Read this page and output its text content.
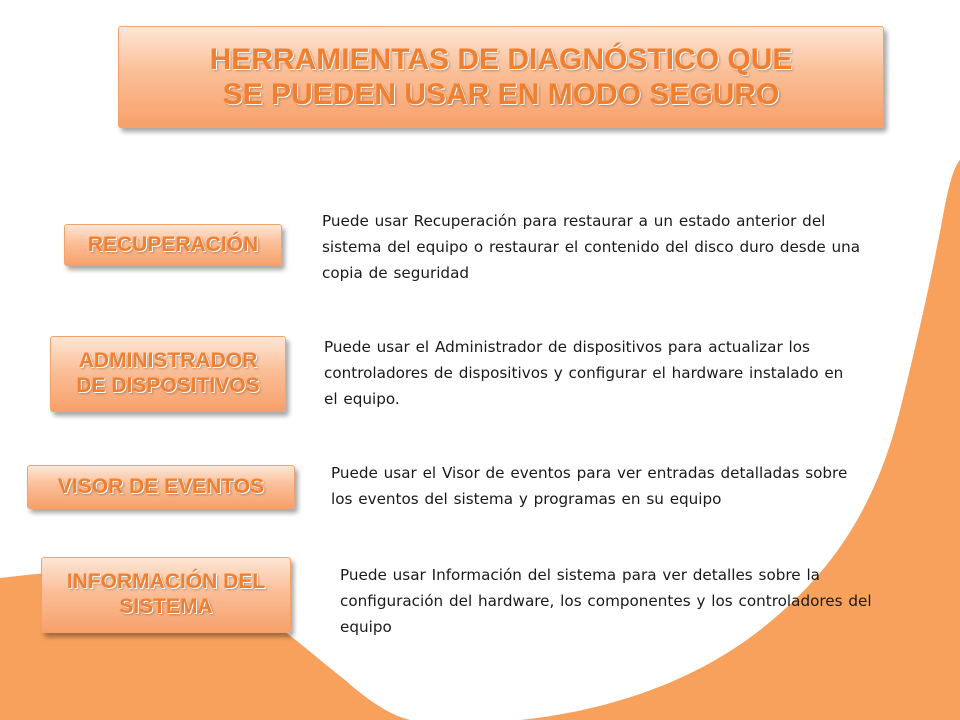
HERRAMIENTAS DE DIAGNÓSTICO QUE SE PUEDEN USAR EN MODO SEGURO
RECUPERACIÓN
Puede usar Recuperación para restaurar a un estado anterior del sistema del equipo o restaurar el contenido del disco duro desde una copia de seguridad
ADMINISTRADOR DE DISPOSITIVOS
Puede usar el Administrador de dispositivos para actualizar los controladores de dispositivos y configurar el hardware instalado en el equipo.
VISOR DE EVENTOS
Puede usar el Visor de eventos para ver entradas detalladas sobre los eventos del sistema y programas en su equipo
INFORMACIÓN DEL SISTEMA
Puede usar Información del sistema para ver detalles sobre la configuración del hardware, los componentes y los controladores del equipo
